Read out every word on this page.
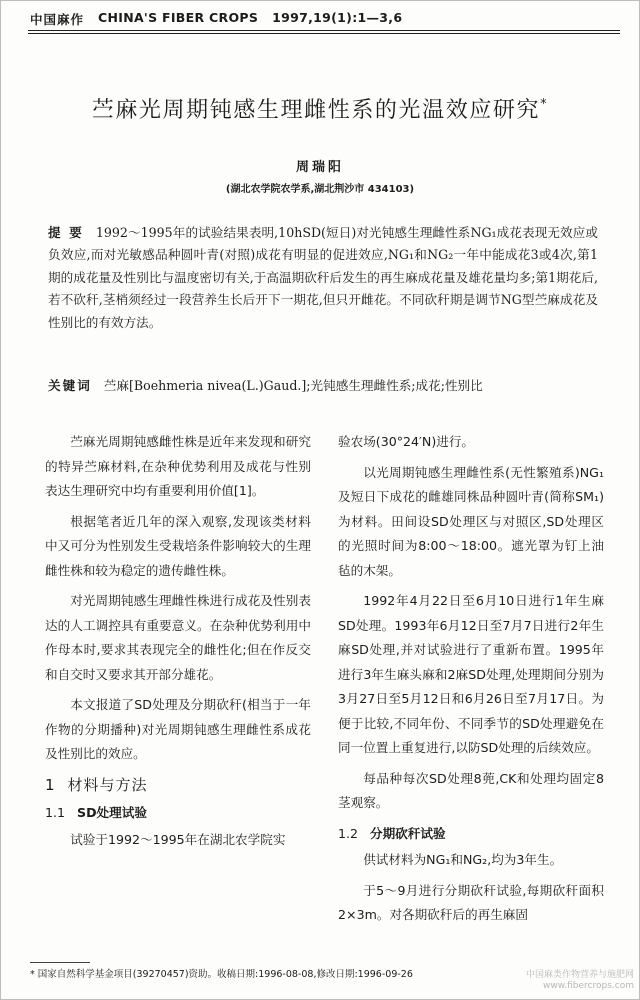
中国麻作 CHINA'S FIBER CROPS 1997,19(1):1—3,6
苎麻光周期钝感生理雌性系的光温效应研究*
周瑞阳
(湖北农学院农学系,湖北荆沙市 434103)
提 要 1992～1995年的试验结果表明,10hSD(短日)对光钝感生理雌性系NG₁成花表现无效应或负效应,而对光敏感品种圆叶青(对照)成花有明显的促进效应,NG₁和NG₂一年中能成花3或4次,第1期的成花量及性别比与温度密切有关,于高温期砍秆后发生的再生麻成花量及雄花量均多;第1期花后,若不砍秆,茎梢须经过一段营养生长后开下一期花,但只开雌花。不同砍秆期是调节NG型苎麻成花及性别比的有效方法。
关键词 苎麻[Boehmeria nivea(L.)Gaud.];光钝感生理雌性系;成花;性别比

苎麻光周期钝感雌性株是近年来发现和研究的特异苎麻材料,在杂种优势利用及成花与性别表达生理研究中均有重要利用价值[1]。

根据笔者近几年的深入观察,发现该类材料中又可分为性别发生受栽培条件影响较大的生理雌性株和较为稳定的遗传雌性株。

对光周期钝感生理雌性株进行成花及性别表达的人工调控具有重要意义。在杂种优势利用中作母本时,要求其表现完全的雌性化;但在作反交和自交时又要求其开部分雄花。

本文报道了SD处理及分期砍秆(相当于一年作物的分期播种)对光周期钝感生理雌性系成花及性别比的效应。

1 材料与方法
1.1 SD处理试验

试验于1992～1995年在湖北农学院实

验农场(30°24′N)进行。

以光周期钝感生理雌性系(无性繁殖系)NG₁及短日下成花的雌雄同株品种圆叶青(简称SM₁)为材料。田间设SD处理区与对照区,SD处理区的光照时间为8:00～18:00。遮光罩为钉上油毡的木架。

1992年4月22日至6月10日进行1年生麻SD处理。1993年6月12日至7月7日进行2年生麻SD处理,并对试验进行了重新布置。1995年进行3年生麻头麻和2麻SD处理,处理期间分别为3月27日至5月12日和6月26日至7月17日。为便于比较,不同年份、不同季节的SD处理避免在同一位置上重复进行,以防SD处理的后续效应。

每品种每次SD处理8蔸,CK和处理均固定8茎观察。

1.2 分期砍秆试验

供试材料为NG₁和NG₂,均为3年生。

于5～9月进行分期砍秆试验,每期砍秆面积2×3m。对各期砍秆后的再生麻固

* 国家自然科学基金项目(39270457)资助。收稿日期:1996-08-08,修改日期:1996-09-26	中国麻类作物营养与施肥网
www.fibercrops.com
